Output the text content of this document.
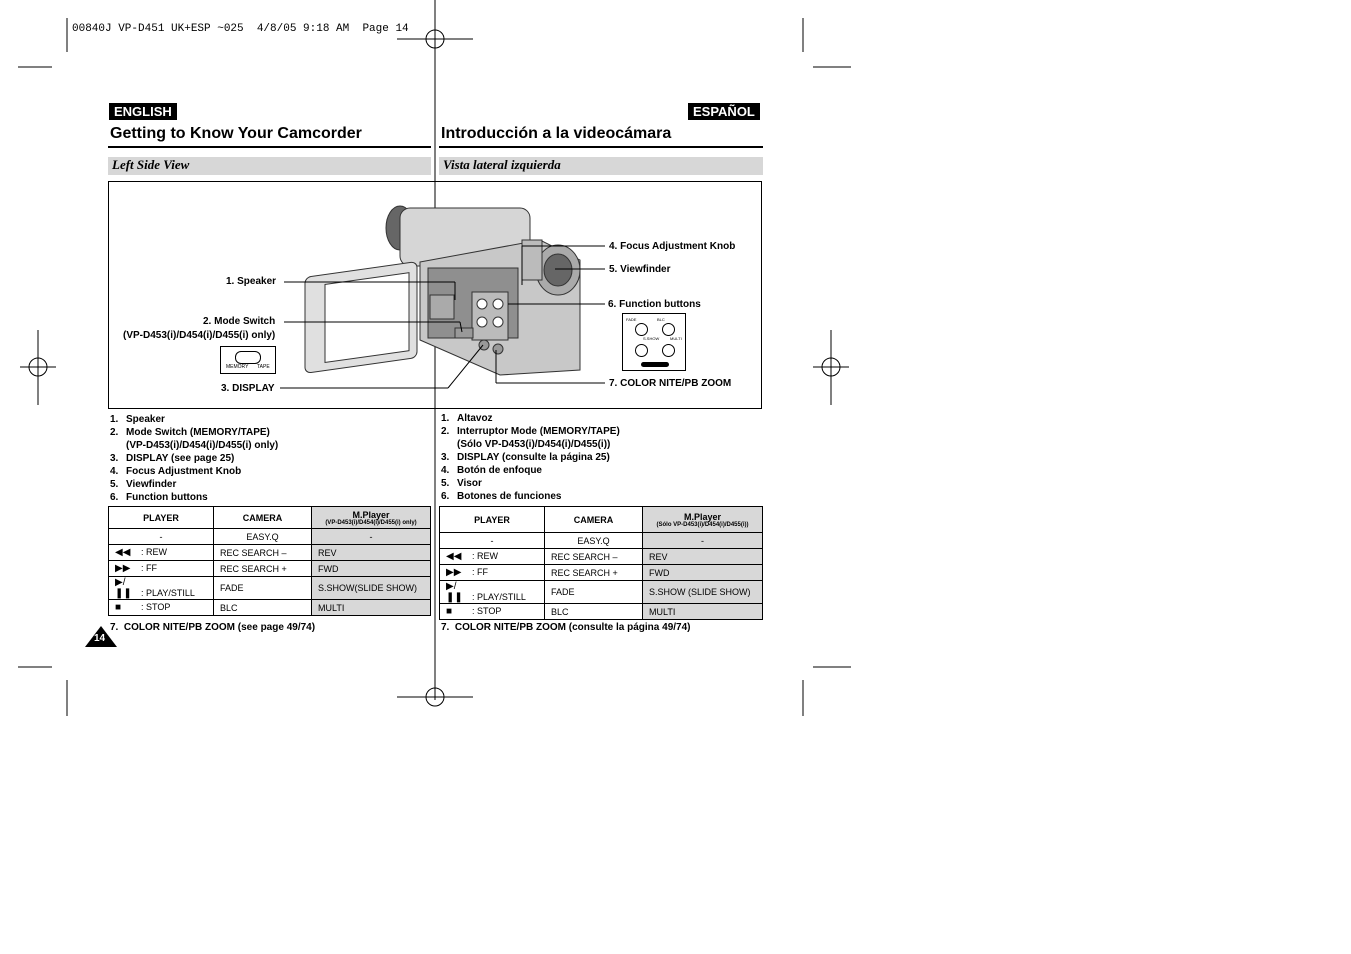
00840J VP-D451 UK+ESP ~025  4/8/05 9:18 AM  Page 14
ENGLISH	ESPAÑOL
Getting to Know Your Camcorder	Introducción a la videocámara
Left Side View	Vista lateral izquierda
1. Speaker
2. Mode Switch
(VP-D453(i)/D454(i)/D455(i) only)
3. DISPLAY
4. Focus Adjustment Knob
5. Viewfinder
6. Function buttons
7. COLOR NITE/PB ZOOM
MEMORY TAPE
FADE	BLC
S.SHOW	MULTI
1. Speaker
2. Mode Switch (MEMORY/TAPE)
(VP-D453(i)/D454(i)/D455(i) only)
3. DISPLAY (see page 25)
4. Focus Adjustment Knob
5. Viewfinder
6. Function buttons
1. Altavoz
2. Interruptor Mode (MEMORY/TAPE)
(Sólo VP-D453(i)/D454(i)/D455(i))
3. DISPLAY (consulte la página 25)
4. Botón de enfoque
5. Visor
6. Botones de funciones
PLAYER	CAMERA	M.Player
(VP-D453(i)/D454(i)/D455(i) only)

-	EASY.Q	-
◀◀ : REW	REC SEARCH –	REV
▶▶ : FF	REC SEARCH +	FWD
▶/❚❚ : PLAY/STILL	FADE	S.SHOW(SLIDE SHOW)
■ : STOP	BLC	MULTI
PLAYER	CAMERA	M.Player
(Sólo VP-D453(i)/D454(i)/D455(i))

-	EASY.Q	-
◀◀ : REW	REC SEARCH –	REV
▶▶ : FF	REC SEARCH +	FWD
▶/❚❚ : PLAY/STILL	FADE	S.SHOW (SLIDE SHOW)
■ : STOP	BLC	MULTI
7.  COLOR NITE/PB ZOOM (see page 49/74)	7.  COLOR NITE/PB ZOOM (consulte la página 49/74)
14
